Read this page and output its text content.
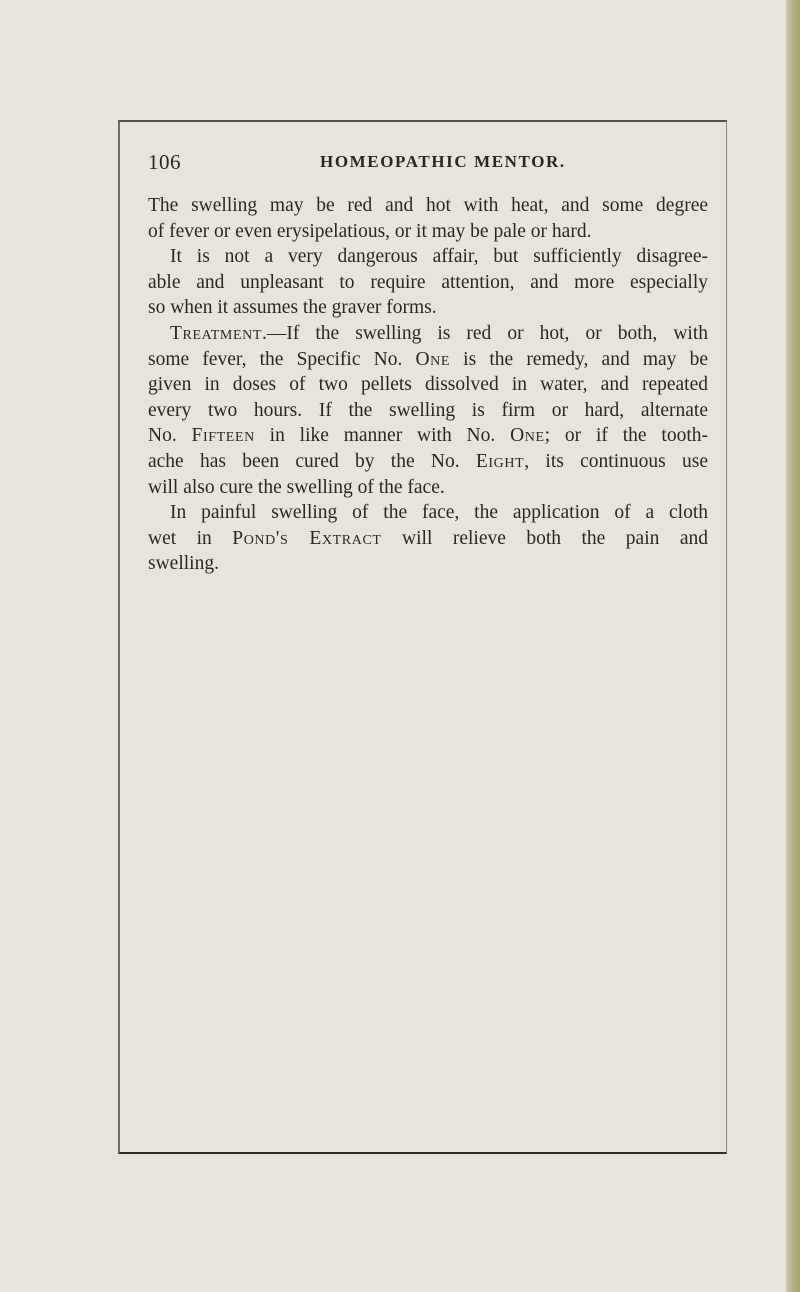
106	HOMEOPATHIC MENTOR.
The swelling may be red and hot with heat, and some degree
of fever or even erysipelatious, or it may be pale or hard.
It is not a very dangerous affair, but sufficiently disagree-
able and unpleasant to require attention, and more especially
so when it assumes the graver forms.
Treatment.—If the swelling is red or hot, or both, with
some fever, the Specific No. One is the remedy, and may be
given in doses of two pellets dissolved in water, and repeated
every two hours. If the swelling is firm or hard, alternate
No. Fifteen in like manner with No. One; or if the tooth-
ache has been cured by the No. Eight, its continuous use
will also cure the swelling of the face.
In painful swelling of the face, the application of a cloth
wet in Pond's Extract will relieve both the pain and
swelling.
